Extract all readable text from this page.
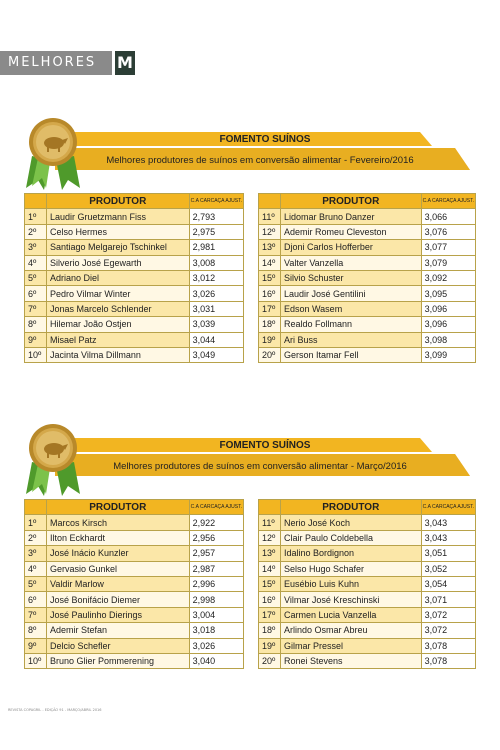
MELHORES M
FOMENTO SUÍNOS
Melhores produtores de suínos em conversão alimentar - Fevereiro/2016
	PRODUTOR	C.A CARCAÇA AJUST.
1º	Laudir Gruetzmann Fiss	2,793
2º	Celso Hermes	2,975
3º	Santiago Melgarejo Tschinkel	2,981
4º	Silverio José Egewarth	3,008
5º	Adriano Diel	3,012
6º	Pedro Vilmar Winter	3,026
7º	Jonas Marcelo Schlender	3,031
8º	Hilemar João Ostjen	3,039
9º	Misael Patz	3,044
10º	Jacinta Vilma Dillmann	3,049
	PRODUTOR	C.A CARCAÇA AJUST.
11º	Lidomar Bruno Danzer	3,066
12º	Ademir Romeu Cleveston	3,076
13º	Djoni Carlos Hofferber	3,077
14º	Valter Vanzella	3,079
15º	Silvio Schuster	3,092
16º	Laudir José Gentilini	3,095
17º	Edson Wasem	3,096
18º	Realdo Follmann	3,096
19º	Ari Buss	3,098
20º	Gerson Itamar Fell	3,099
FOMENTO SUÍNOS
Melhores produtores de suínos em conversão alimentar - Março/2016
	PRODUTOR	C.A CARCAÇA AJUST.
1º	Marcos Kirsch	2,922
2º	Ilton Eckhardt	2,956
3º	José Inácio Kunzler	2,957
4º	Gervasio Gunkel	2,987
5º	Valdir Marlow	2,996
6º	José Bonifácio Diemer	2,998
7º	José Paulinho Dierings	3,004
8º	Ademir Stefan	3,018
9º	Delcio Schefler	3,026
10º	Bruno Glier Pommerening	3,040
	PRODUTOR	C.A CARCAÇA AJUST.
11º	Nerio José Koch	3,043
12º	Clair Paulo Coldebella	3,043
13º	Idalino Bordignon	3,051
14º	Selso Hugo Schafer	3,052
15º	Eusébio Luis Kuhn	3,054
16º	Vilmar José Kreschinski	3,071
17º	Carmen Lucia Vanzella	3,072
18º	Arlindo Osmar Abreu	3,072
19º	Gilmar Pressel	3,078
20º	Ronei Stevens	3,078
REVISTA COPAGRIL - EDIÇÃO 91 - MARÇO/ABRIL 2016
